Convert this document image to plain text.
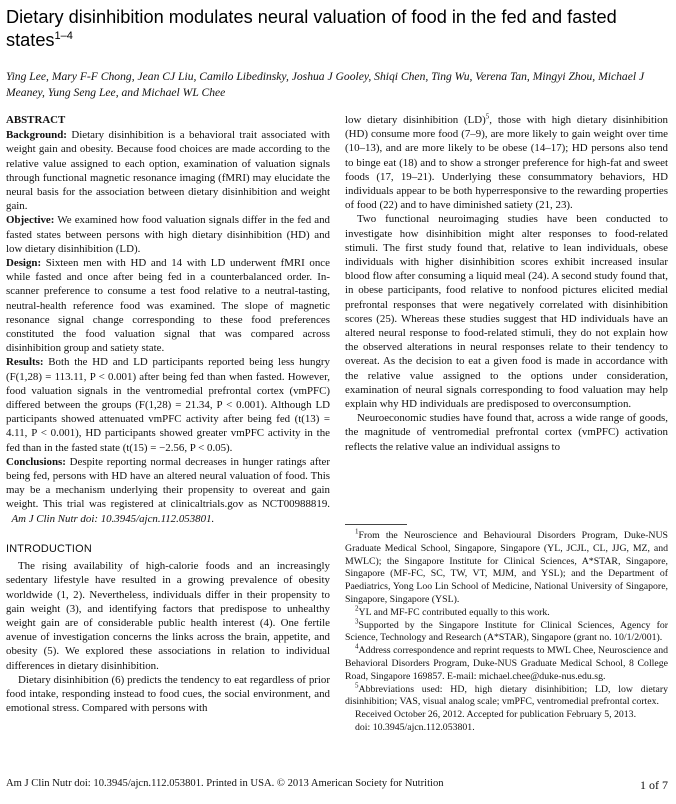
Dietary disinhibition modulates neural valuation of food in the fed and fasted states$^{1-4}$
Ying Lee, Mary F-F Chong, Jean CJ Liu, Camilo Libedinsky, Joshua J Gooley, Shiqi Chen, Ting Wu, Verena Tan, Mingyi Zhou, Michael J Meaney, Yung Seng Lee, and Michael WL Chee

ABSTRACT

Background: Dietary disinhibition is a behavioral trait associated with weight gain and obesity. Because food choices are made according to the relative value assigned to each option, examination of valuation signals through functional magnetic resonance imaging (fMRI) may elucidate the neural basis for the association between dietary disinhibition and weight gain.

Objective: We examined how food valuation signals differ in the fed and fasted states between persons with high dietary disinhibition (HD) and low dietary disinhibition (LD).

Design: Sixteen men with HD and 14 with LD underwent fMRI once while fasted and once after being fed in a counterbalanced order. In-scanner preference to consume a test food relative to a neutral-tasting, neutral-health reference food was examined. The slope of magnetic resonance signal change corresponding to these food preferences constituted the food valuation signal that was compared across disinhibition group and satiety state.

Results: Both the HD and LD participants reported being less hungry (F(1,28) = 113.11, P < 0.001) after being fed than when fasted. However, food valuation signals in the ventromedial prefrontal cortex (vmPFC) differed between the groups (F(1,28) = 21.34, P < 0.001). Although LD participants showed attenuated vmPFC activity after being fed (t(13) = 4.11, P < 0.001), HD participants showed greater vmPFC activity in the fed than in the fasted state (t(15) = −2.56, P < 0.05).

Conclusions: Despite reporting normal decreases in hunger ratings after being fed, persons with HD have an altered neural valuation of food. This may be a mechanism underlying their propensity to overeat and gain weight. This trial was registered at clinicaltrials.gov as NCT00988819.   Am J Clin Nutr doi: 10.3945/ajcn.112.053801.

INTRODUCTION

The rising availability of high-calorie foods and an increasingly sedentary lifestyle have resulted in a growing prevalence of obesity worldwide (1, 2). Nevertheless, individuals differ in their propensity to gain weight (3), and identifying factors that predispose to unhealthy weight gain are of considerable public health interest (4). One fertile avenue of investigation concerns the links across the brain, appetite, and obesity (5). We explored these associations in relation to individual differences in dietary disinhibition.

Dietary disinhibition (6) predicts the tendency to eat regardless of prior food intake, responding instead to food cues, the social environment, and emotional stress. Compared with persons with

low dietary disinhibition (LD)$^5$, those with high dietary disinhibition (HD) consume more food (7–9), are more likely to gain weight over time (10–13), and are more likely to be obese (14–17); HD persons also tend to binge eat (18) and to show a stronger preference for high-fat and sweet foods (17, 19–21). Underlying these consummatory behaviors, HD individuals appear to be both hyperresponsive to the rewarding properties of food (22) and to have diminished satiety (21, 23).

Two functional neuroimaging studies have been conducted to investigate how disinhibition might alter responses to food-related stimuli. The first study found that, relative to lean individuals, obese individuals with higher disinhibition scores exhibit increased insular blood flow after consuming a liquid meal (24). A second study found that, in obese participants, food relative to nonfood pictures elicited medial prefrontal responses that were negatively correlated with disinhibition scores (25). Whereas these studies suggest that HD individuals have an altered neural response to food-related stimuli, they do not explain how the observed alterations in neural responses relate to their tendency to overeat. As the decision to eat a given food is made in accordance with the relative value assigned to the options under consideration, examination of neural signals corresponding to food valuation may help explain why HD individuals are predisposed to overconsumption.

Neuroeconomic studies have found that, across a wide range of goods, the magnitude of ventromedial prefrontal cortex (vmPFC) activation reflects the relative value an individual assigns to

$^1$From the Neuroscience and Behavioural Disorders Program, Duke-NUS Graduate Medical School, Singapore, Singapore (YL, JCJL, CL, JJG, MZ, and MWLC); the Singapore Institute for Clinical Sciences, A*STAR, Singapore, Singapore (MF-FC, SC, TW, VT, MJM, and YSL); and the Department of Paediatrics, Yong Loo Lin School of Medicine, National University of Singapore, Singapore, Singapore (YSL).

$^2$YL and MF-FC contributed equally to this work.

$^3$Supported by the Singapore Institute for Clinical Sciences, Agency for Science, Technology and Research (A*STAR), Singapore (grant no. 10/1/2/001).

$^4$Address correspondence and reprint requests to MWL Chee, Neuroscience and Behavioral Disorders Program, Duke-NUS Graduate Medical School, 8 College Road, Singapore 169857. E-mail: michael.chee@duke-nus.edu.sg.

$^5$Abbreviations used: HD, high dietary disinhibition; LD, low dietary disinhibition; VAS, visual analog scale; vmPFC, ventromedial prefrontal cortex.

Received October 26, 2012. Accepted for publication February 5, 2013.

doi: 10.3945/ajcn.112.053801.

Am J Clin Nutr doi: 10.3945/ajcn.112.053801. Printed in USA. © 2013 American Society for Nutrition	1 of 7
